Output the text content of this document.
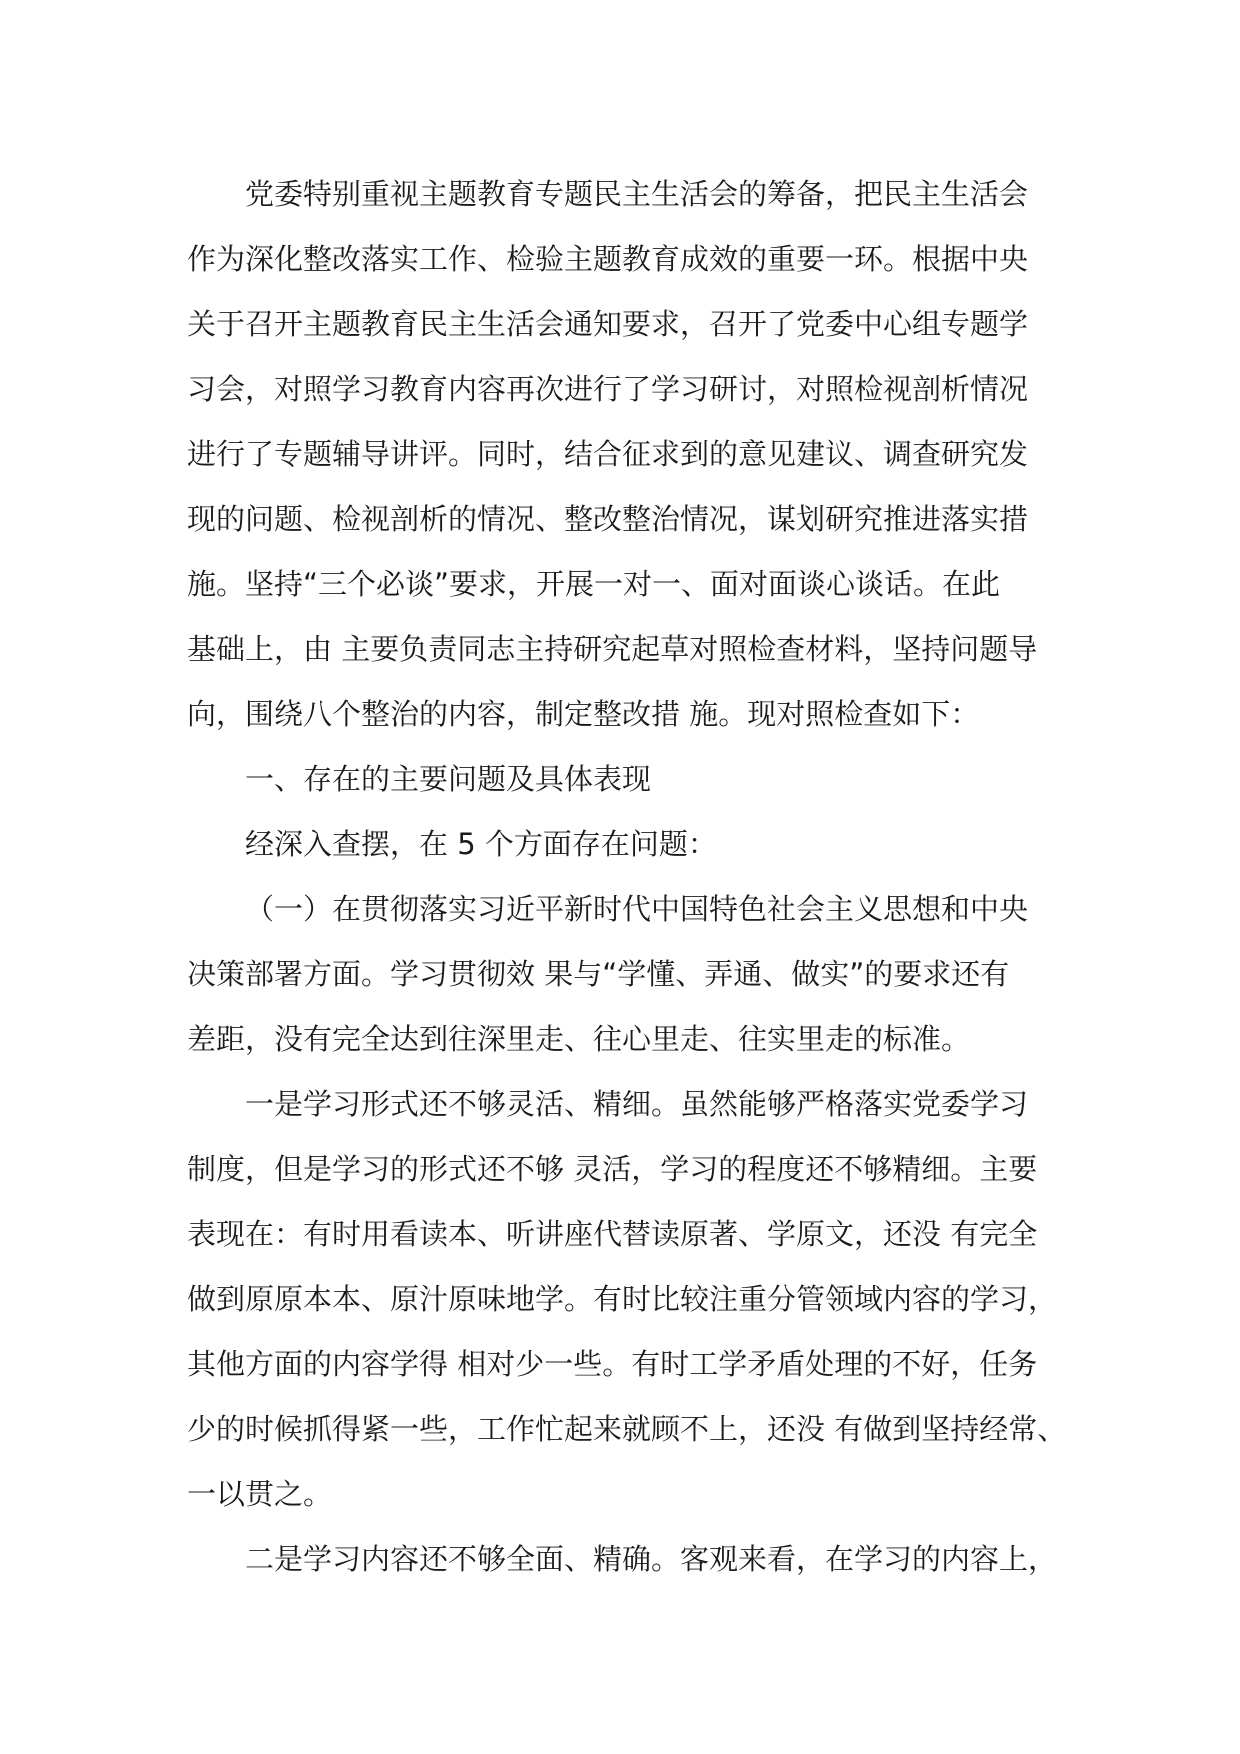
党委特别重视主题教育专题民主生活会的筹备，把民主生活会
作为深化整改落实工作、检验主题教育成效的重要一环。根据中央
关于召开主题教育民主生活会通知要求，召开了党委中心组专题学
习会，对照学习教育内容再次进行了学习研讨，对照检视剖析情况
进行了专题辅导讲评。同时，结合征求到的意见建议、调查研究发
现的问题、检视剖析的情况、整改整治情况，谋划研究推进落实措
施。坚持“三个必谈”要求，开展一对一、面对面谈心谈话。在此
基础上，由 主要负责同志主持研究起草对照检查材料，坚持问题导
向，围绕八个整治的内容，制定整改措 施。现对照检查如下：
一、存在的主要问题及具体表现
经深入查摆，在 5 个方面存在问题：
（一）在贯彻落实习近平新时代中国特色社会主义思想和中央
决策部署方面。学习贯彻效 果与“学懂、弄通、做实”的要求还有
差距，没有完全达到往深里走、往心里走、往实里走的标准。
一是学习形式还不够灵活、精细。虽然能够严格落实党委学习
制度，但是学习的形式还不够 灵活，学习的程度还不够精细。主要
表现在：有时用看读本、听讲座代替读原著、学原文，还没 有完全
做到原原本本、原汁原味地学。有时比较注重分管领域内容的学习，
其他方面的内容学得 相对少一些。有时工学矛盾处理的不好，任务
少的时候抓得紧一些，工作忙起来就顾不上，还没 有做到坚持经常、
一以贯之。
二是学习内容还不够全面、精确。客观来看，在学习的内容上，
